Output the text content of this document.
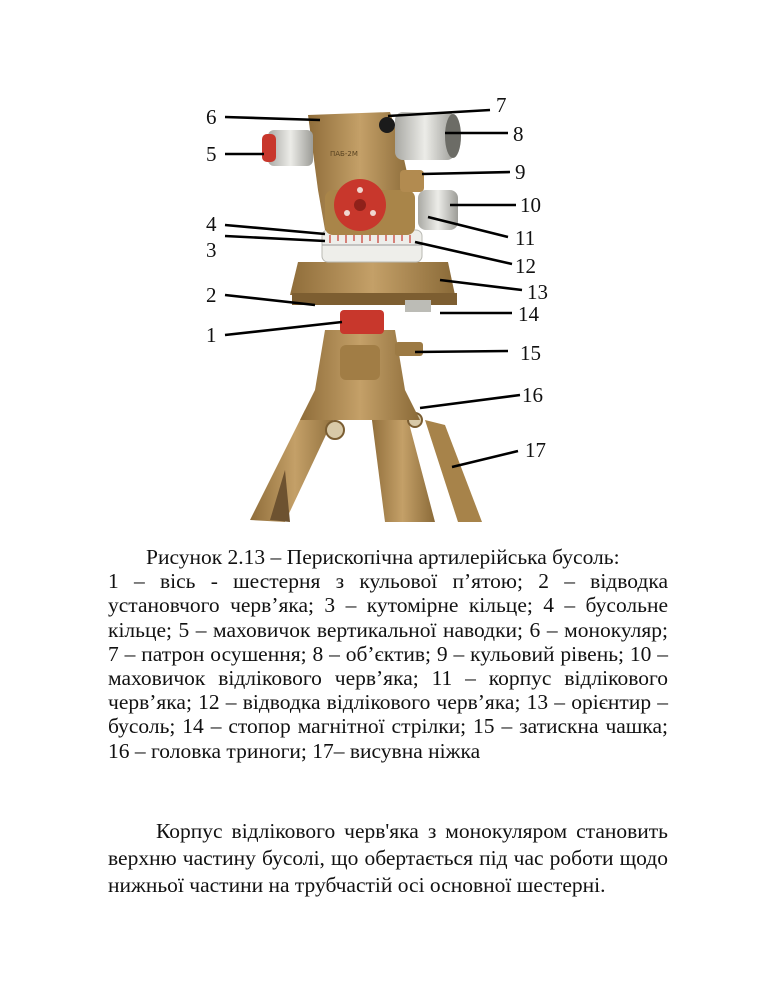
ПАБ-2М
6
5
4
3
2
1
7
8
9
10
11
12
13
14
15
16
17
Рисунок 2.13 – Перископічна артилерійська бусоль:
1 – вісь - шестерня з кульової п’ятою; 2 – відводка установчого черв’яка; 3 – кутомірне кільце; 4 – бусольне кільце; 5 – маховичок вертикальної наводки; 6 – монокуляр; 7 – патрон осушення; 8 – об’єктив; 9 – кульовий рівень; 10 – маховичок відлікового черв’яка; 11 – корпус відлікового черв’яка; 12 – відводка відлікового черв’яка; 13 – орієнтир – бусоль; 14 – стопор магнітної стрілки; 15 – затискна чашка; 16 – головка триноги; 17– висувна ніжка
Корпус відлікового черв'яка з монокуляром становить верхню частину бусолі, що обертається під час роботи щодо нижньої частини на трубчастій осі основної шестерні.
